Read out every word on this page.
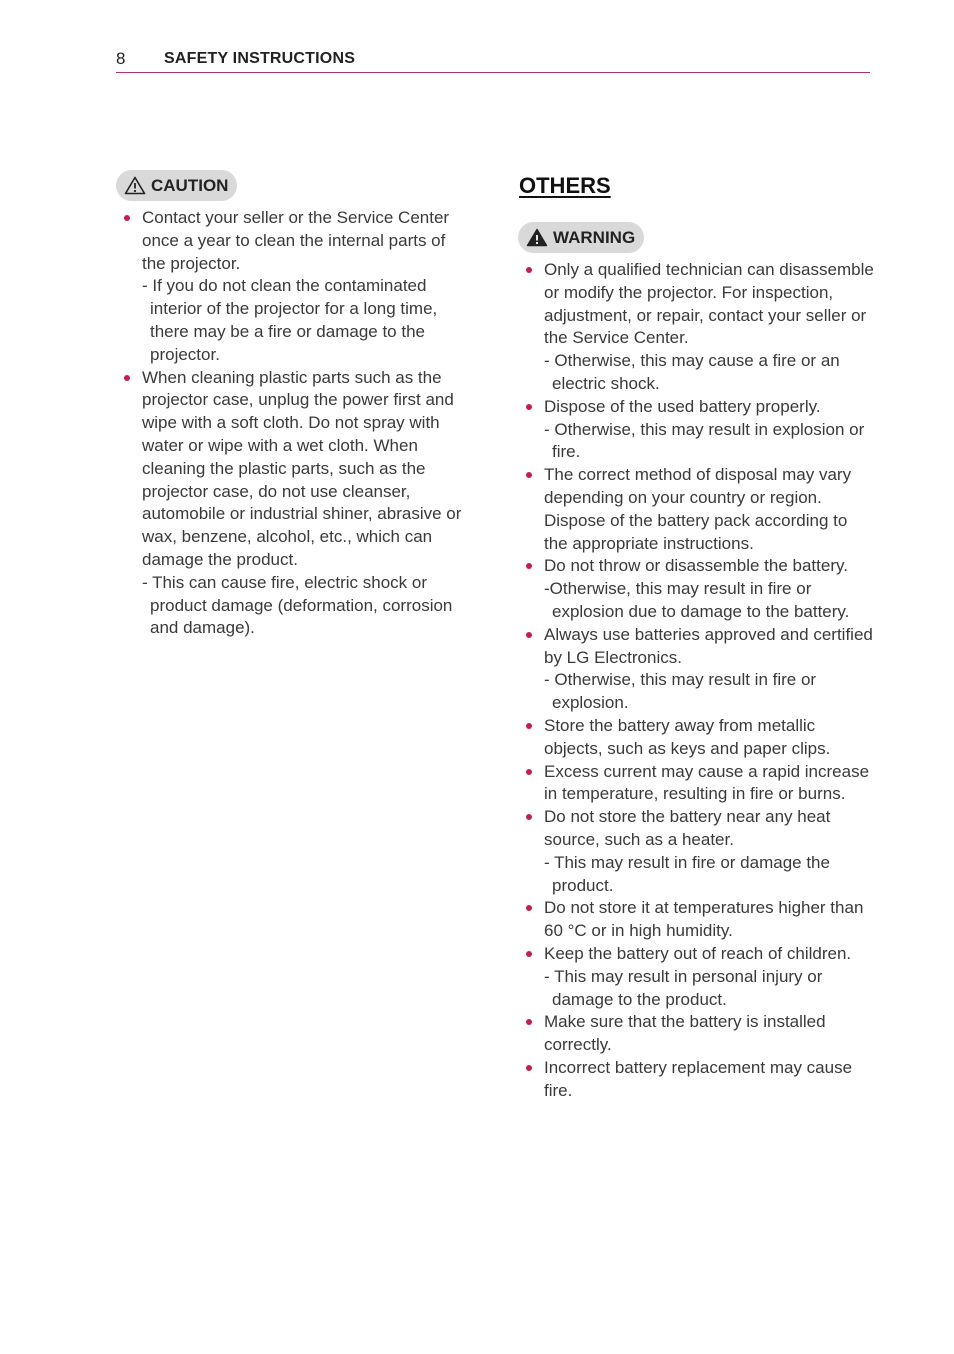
8 SAFETY INSTRUCTIONS
CAUTION
Contact your seller or the Service Center once a year to clean the internal parts of the projector.
- If you do not clean the contaminated interior of the projector for a long time, there may be a fire or damage to the projector.
When cleaning plastic parts such as the projector case, unplug the power first and wipe with a soft cloth. Do not spray with water or wipe with a wet cloth. When cleaning the plastic parts, such as the projector case, do not use cleanser, automobile or industrial shiner, abrasive or wax, benzene, alcohol, etc., which can damage the product.
- This can cause fire, electric shock or product damage (deformation, corrosion and damage).
OTHERS
WARNING
Only a qualified technician can disassemble or modify the projector. For inspection, adjustment, or repair, contact your seller or the Service Center.
- Otherwise, this may cause a fire or an electric shock.
Dispose of the used battery properly.
- Otherwise, this may result in explosion or fire.
The correct method of disposal may vary depending on your country or region. Dispose of the battery pack according to the appropriate instructions.
Do not throw or disassemble the battery.
-Otherwise, this may result in fire or explosion due to damage to the battery.
Always use batteries approved and certified by LG Electronics.
- Otherwise, this may result in fire or explosion.
Store the battery away from metallic objects, such as keys and paper clips.
Excess current may cause a rapid increase in temperature, resulting in fire or burns.
Do not store the battery near any heat source, such as a heater.
- This may result in fire or damage the product.
Do not store it at temperatures higher than 60 °C or in high humidity.
Keep the battery out of reach of children.
- This may result in personal injury or damage to the product.
Make sure that the battery is installed correctly.
Incorrect battery replacement may cause fire.
